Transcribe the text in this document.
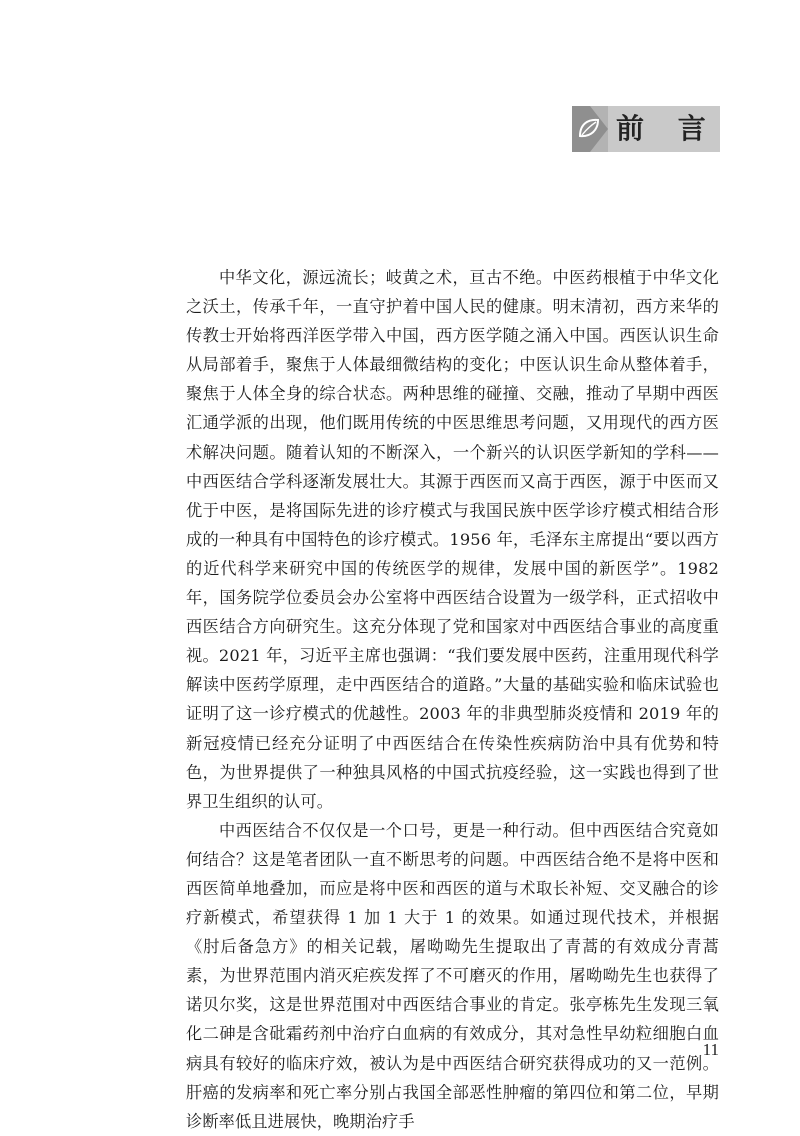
前 言

中华文化，源远流长；岐黄之术，亘古不绝。中医药根植于中华文化之沃土，传承千年，一直守护着中国人民的健康。明末清初，西方来华的传教士开始将西洋医学带入中国，西方医学随之涌入中国。西医认识生命从局部着手，聚焦于人体最细微结构的变化；中医认识生命从整体着手，聚焦于人体全身的综合状态。两种思维的碰撞、交融，推动了早期中西医汇通学派的出现，他们既用传统的中医思维思考问题，又用现代的西方医术解决问题。随着认知的不断深入，一个新兴的认识医学新知的学科——中西医结合学科逐渐发展壮大。其源于西医而又高于西医，源于中医而又优于中医，是将国际先进的诊疗模式与我国民族中医学诊疗模式相结合形成的一种具有中国特色的诊疗模式。1956 年，毛泽东主席提出“要以西方的近代科学来研究中国的传统医学的规律，发展中国的新医学”。1982 年，国务院学位委员会办公室将中西医结合设置为一级学科，正式招收中西医结合方向研究生。这充分体现了党和国家对中西医结合事业的高度重视。2021 年，习近平主席也强调：“我们要发展中医药，注重用现代科学解读中医药学原理，走中西医结合的道路。”大量的基础实验和临床试验也证明了这一诊疗模式的优越性。2003 年的非典型肺炎疫情和 2019 年的新冠疫情已经充分证明了中西医结合在传染性疾病防治中具有优势和特色，为世界提供了一种独具风格的中国式抗疫经验，这一实践也得到了世界卫生组织的认可。

中西医结合不仅仅是一个口号，更是一种行动。但中西医结合究竟如何结合？这是笔者团队一直不断思考的问题。中西医结合绝不是将中医和西医简单地叠加，而应是将中医和西医的道与术取长补短、交叉融合的诊疗新模式，希望获得 1 加 1 大于 1 的效果。如通过现代技术，并根据《肘后备急方》的相关记载，屠呦呦先生提取出了青蒿的有效成分青蒿素，为世界范围内消灭疟疾发挥了不可磨灭的作用，屠呦呦先生也获得了诺贝尔奖，这是世界范围对中西医结合事业的肯定。张亭栋先生发现三氧化二砷是含砒霜药剂中治疗白血病的有效成分，其对急性早幼粒细胞白血病具有较好的临床疗效，被认为是中西医结合研究获得成功的又一范例。肝癌的发病率和死亡率分别占我国全部恶性肿瘤的第四位和第二位，早期诊断率低且进展快，晚期治疗手

11
